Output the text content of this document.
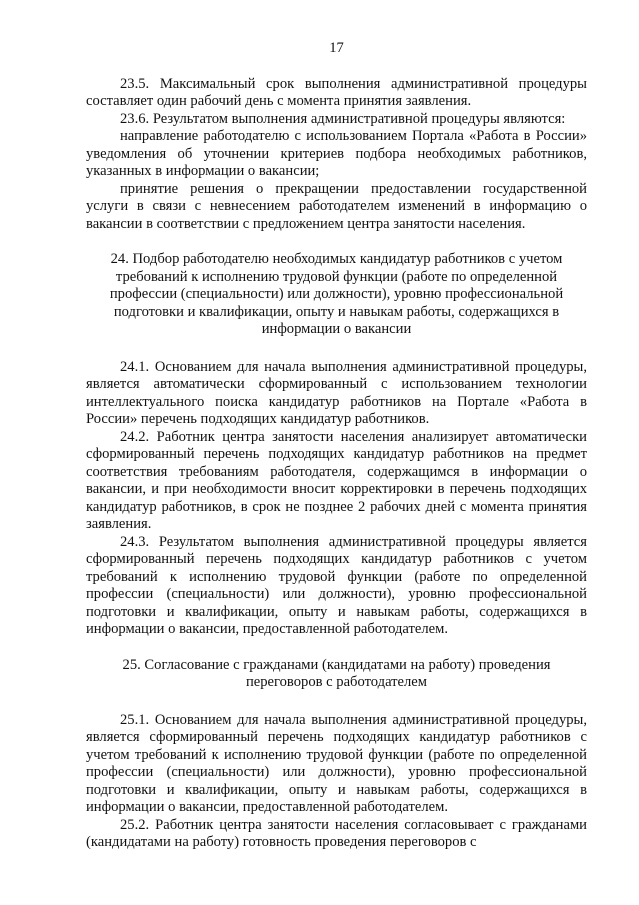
17

23.5. Максимальный срок выполнения административной процедуры составляет один рабочий день с момента принятия заявления.

23.6. Результатом выполнения административной процедуры являются:

направление работодателю с использованием Портала «Работа в России» уведомления об уточнении критериев подбора необходимых работников, указанных в информации о вакансии;

принятие решения о прекращении предоставлении государственной услуги в связи с невнесением работодателем изменений в информацию о вакансии в соответствии с предложением центра занятости населения.

24. Подбор работодателю необходимых кандидатур работников с учетом требований к исполнению трудовой функции (работе по определенной профессии (специальности) или должности), уровню профессиональной подготовки и квалификации, опыту и навыкам работы, содержащихся в информации о вакансии

24.1. Основанием для начала выполнения административной процедуры, является автоматически сформированный с использованием технологии интеллектуального поиска кандидатур работников на Портале «Работа в России» перечень подходящих кандидатур работников.

24.2. Работник центра занятости населения анализирует автоматически сформированный перечень подходящих кандидатур работников на предмет соответствия требованиям работодателя, содержащимся в информации о вакансии, и при необходимости вносит корректировки в перечень подходящих кандидатур работников, в срок не позднее 2 рабочих дней с момента принятия заявления.

24.3. Результатом выполнения административной процедуры является сформированный перечень подходящих кандидатур работников с учетом требований к исполнению трудовой функции (работе по определенной профессии (специальности) или должности), уровню профессиональной подготовки и квалификации, опыту и навыкам работы, содержащихся в информации о вакансии, предоставленной работодателем.

25. Согласование с гражданами (кандидатами на работу) проведения переговоров с работодателем

25.1. Основанием для начала выполнения административной процедуры, является сформированный перечень подходящих кандидатур работников с учетом требований к исполнению трудовой функции (работе по определенной профессии (специальности) или должности), уровню профессиональной подготовки и квалификации, опыту и навыкам работы, содержащихся в информации о вакансии, предоставленной работодателем.

25.2. Работник центра занятости населения согласовывает с гражданами (кандидатами на работу) готовность проведения переговоров с
